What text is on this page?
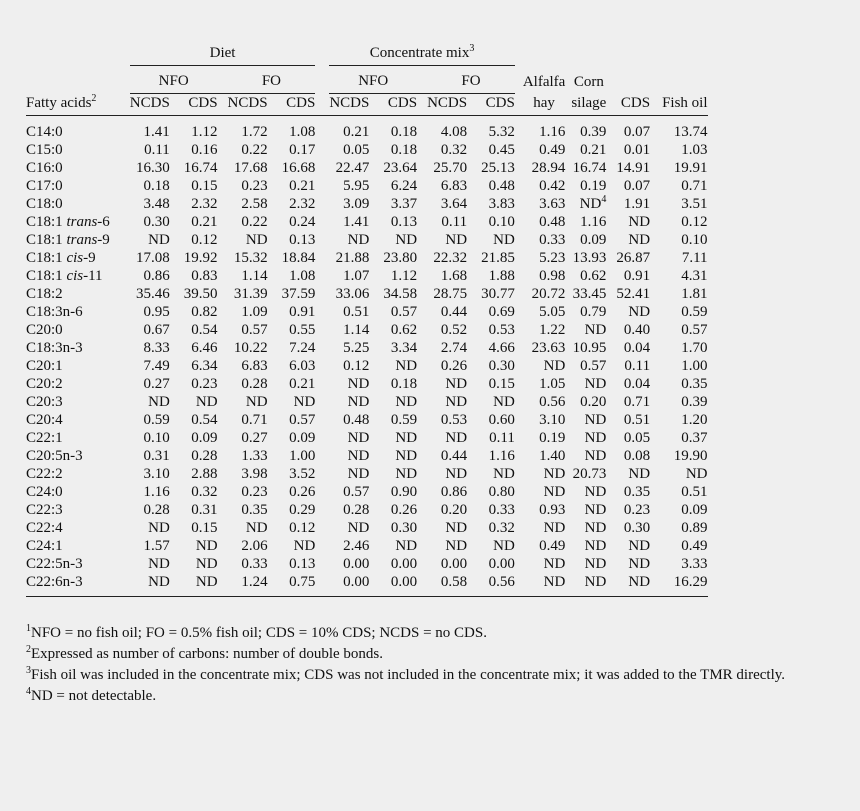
		Diet					Concentrate mix$^3$	
		NFO		FO			NFO		FO		Alfalfa	Corn		
Fatty acids$^2$		NCDS	CDS	NCDS	CDS		NCDS	CDS	NCDS	CDS	hay	silage	CDS	Fish oil
C14:0		1.41	1.12	1.72	1.08		0.21	0.18	4.08	5.32	1.16	0.39	0.07	13.74
C15:0		0.11	0.16	0.22	0.17		0.05	0.18	0.32	0.45	0.49	0.21	0.01	1.03
C16:0		16.30	16.74	17.68	16.68		22.47	23.64	25.70	25.13	28.94	16.74	14.91	19.91
C17:0		0.18	0.15	0.23	0.21		5.95	6.24	6.83	0.48	0.42	0.19	0.07	0.71
C18:0		3.48	2.32	2.58	2.32		3.09	3.37	3.64	3.83	3.63	$ND^4$	1.91	3.51
C18:1 trans-6		0.30	0.21	0.22	0.24		1.41	0.13	0.11	0.10	0.48	1.16	ND	0.12
C18:1 trans-9		ND	0.12	ND	0.13		ND	ND	ND	ND	0.33	0.09	ND	0.10
C18:1 cis-9		17.08	19.92	15.32	18.84		21.88	23.80	22.32	21.85	5.23	13.93	26.87	7.11
C18:1 cis-11		0.86	0.83	1.14	1.08		1.07	1.12	1.68	1.88	0.98	0.62	0.91	4.31
C18:2		35.46	39.50	31.39	37.59		33.06	34.58	28.75	30.77	20.72	33.45	52.41	1.81
C18:3n-6		0.95	0.82	1.09	0.91		0.51	0.57	0.44	0.69	5.05	0.79	ND	0.59
C20:0		0.67	0.54	0.57	0.55		1.14	0.62	0.52	0.53	1.22	ND	0.40	0.57
C18:3n-3		8.33	6.46	10.22	7.24		5.25	3.34	2.74	4.66	23.63	10.95	0.04	1.70
C20:1		7.49	6.34	6.83	6.03		0.12	ND	0.26	0.30	ND	0.57	0.11	1.00
C20:2		0.27	0.23	0.28	0.21		ND	0.18	ND	0.15	1.05	ND	0.04	0.35
C20:3		ND	ND	ND	ND		ND	ND	ND	ND	0.56	0.20	0.71	0.39
C20:4		0.59	0.54	0.71	0.57		0.48	0.59	0.53	0.60	3.10	ND	0.51	1.20
C22:1		0.10	0.09	0.27	0.09		ND	ND	ND	0.11	0.19	ND	0.05	0.37
C20:5n-3		0.31	0.28	1.33	1.00		ND	ND	0.44	1.16	1.40	ND	0.08	19.90
C22:2		3.10	2.88	3.98	3.52		ND	ND	ND	ND	ND	20.73	ND	ND
C24:0		1.16	0.32	0.23	0.26		0.57	0.90	0.86	0.80	ND	ND	0.35	0.51
C22:3		0.28	0.31	0.35	0.29		0.28	0.26	0.20	0.33	0.93	ND	0.23	0.09
C22:4		ND	0.15	ND	0.12		ND	0.30	ND	0.32	ND	ND	0.30	0.89
C24:1		1.57	ND	2.06	ND		2.46	ND	ND	ND	0.49	ND	ND	0.49
C22:5n-3		ND	ND	0.33	0.13		0.00	0.00	0.00	0.00	ND	ND	ND	3.33
C22:6n-3		ND	ND	1.24	0.75		0.00	0.00	0.58	0.56	ND	ND	ND	16.29

$^1$NFO = no fish oil; FO = 0.5% fish oil; CDS = 10% CDS; NCDS = no CDS.

$^2$Expressed as number of carbons: number of double bonds.

$^3$Fish oil was included in the concentrate mix; CDS was not included in the concentrate mix; it was added to the TMR directly.

$^4$ND = not detectable.
